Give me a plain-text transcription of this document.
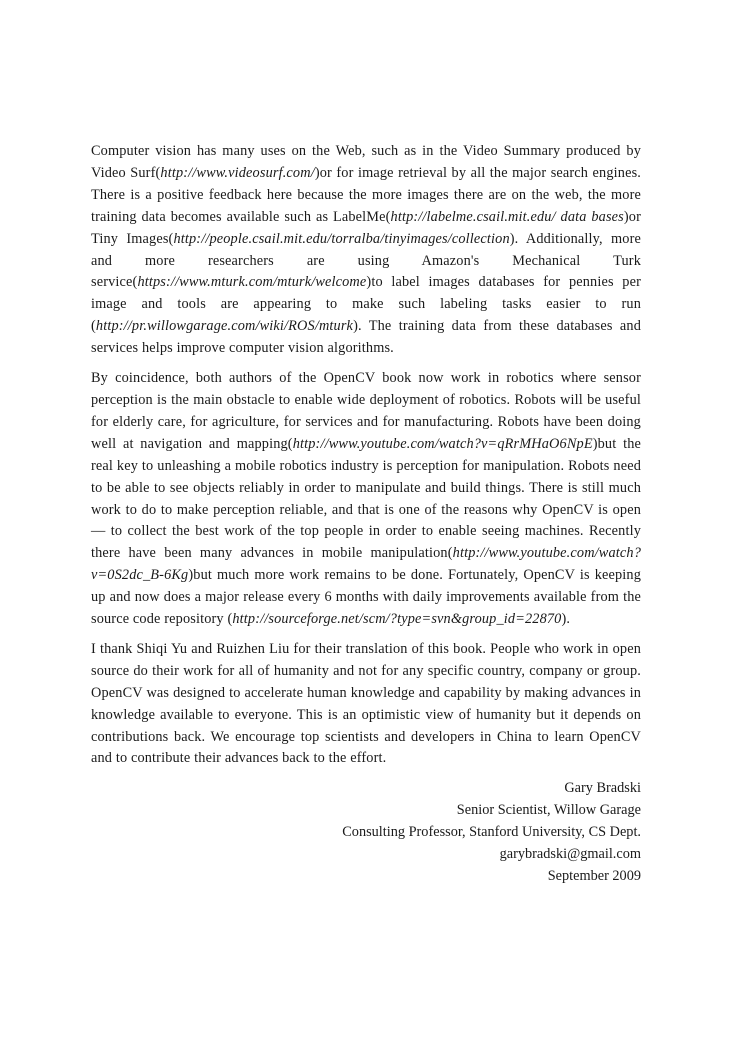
Computer vision has many uses on the Web, such as in the Video Summary produced by Video Surf(http://www.videosurf.com/)or for image retrieval by all the major search engines. There is a positive feedback here because the more images there are on the web, the more training data becomes available such as LabelMe(http://labelme.csail.mit.edu/ data bases)or Tiny Images(http://people.csail.mit.edu/torralba/tinyimages/collection). Additionally, more and more researchers are using Amazon's Mechanical Turk service(https://www.mturk.com/mturk/welcome)to label images databases for pennies per image and tools are appearing to make such labeling tasks easier to run (http://pr.willowgarage.com/wiki/ROS/mturk). The training data from these databases and services helps improve computer vision algorithms.

By coincidence, both authors of the OpenCV book now work in robotics where sensor perception is the main obstacle to enable wide deployment of robotics. Robots will be useful for elderly care, for agriculture, for services and for manufacturing. Robots have been doing well at navigation and mapping(http://www.youtube.com/watch?v=qRrMHaO6NpE)but the real key to unleashing a mobile robotics industry is perception for manipulation. Robots need to be able to see objects reliably in order to manipulate and build things. There is still much work to do to make perception reliable, and that is one of the reasons why OpenCV is open — to collect the best work of the top people in order to enable seeing machines. Recently there have been many advances in mobile manipulation(http://www.youtube.com/watch?v=0S2dc_B-6Kg)but much more work remains to be done. Fortunately, OpenCV is keeping up and now does a major release every 6 months with daily improvements available from the source code repository (http://sourceforge.net/scm/?type=svn&group_id=22870).

I thank Shiqi Yu and Ruizhen Liu for their translation of this book. People who work in open source do their work for all of humanity and not for any specific country, company or group. OpenCV was designed to accelerate human knowledge and capability by making advances in knowledge available to everyone. This is an optimistic view of humanity but it depends on contributions back. We encourage top scientists and developers in China to learn OpenCV and to contribute their advances back to the effort.

Gary Bradski
Senior Scientist, Willow Garage
Consulting Professor, Stanford University, CS Dept.
garybradski@gmail.com
September 2009
